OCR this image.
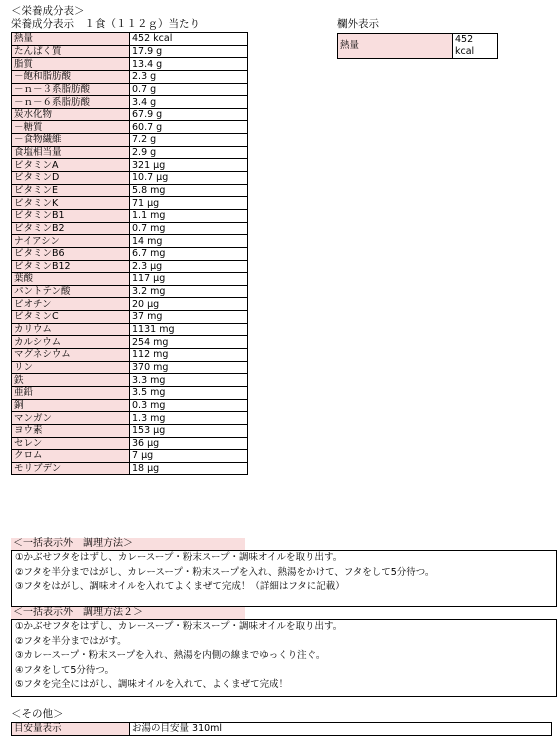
＜栄養成分表＞
栄養成分表示　１食（１１２ｇ）当たり	欄外表示
熱量	452 kcal
たんぱく質	17.9 g
脂質	13.4 g
－飽和脂肪酸	2.3 g
－ｎ－３系脂肪酸	0.7 g
－ｎ－６系脂肪酸	3.4 g
炭水化物	67.9 g
－糖質	60.7 g
－食物繊維	7.2 g
食塩相当量	2.9 g
ビタミンA	321 μg
ビタミンD	10.7 μg
ビタミンE	5.8 mg
ビタミンK	71 μg
ビタミンB1	1.1 mg
ビタミンB2	0.7 mg
ナイアシン	14 mg
ビタミンB6	6.7 mg
ビタミンB12	2.3 μg
葉酸	117 μg
パントテン酸	3.2 mg
ビオチン	20 μg
ビタミンC	37 mg
カリウム	1131 mg
カルシウム	254 mg
マグネシウム	112 mg
リン	370 mg
鉄	3.3 mg
亜鉛	3.5 mg
銅	0.3 mg
マンガン	1.3 mg
ヨウ素	153 μg
セレン	36 μg
クロム	7 μg
モリブデン	18 μg
熱量	452 kcal
＜一括表示外　調理方法＞
①かぶせフタをはずし、カレースープ・粉末スープ・調味オイルを取り出す。
②フタを半分まではがし、カレースープ・粉末スープを入れ、熱湯をかけて、フタをして5分待つ。
③フタをはがし、調味オイルを入れてよくまぜて完成！（詳細はフタに記載）
＜一括表示外　調理方法２＞
①かぶせフタをはずし、カレースープ・粉末スープ・調味オイルを取り出す。
②フタを半分まではがす。
③カレースープ・粉末スープを入れ、熱湯を内側の線までゆっくり注ぐ。
④フタをして5分待つ。
⑤フタを完全にはがし、調味オイルを入れて、よくまぜて完成！
＜その他＞
目安量表示	お湯の目安量 310ml
